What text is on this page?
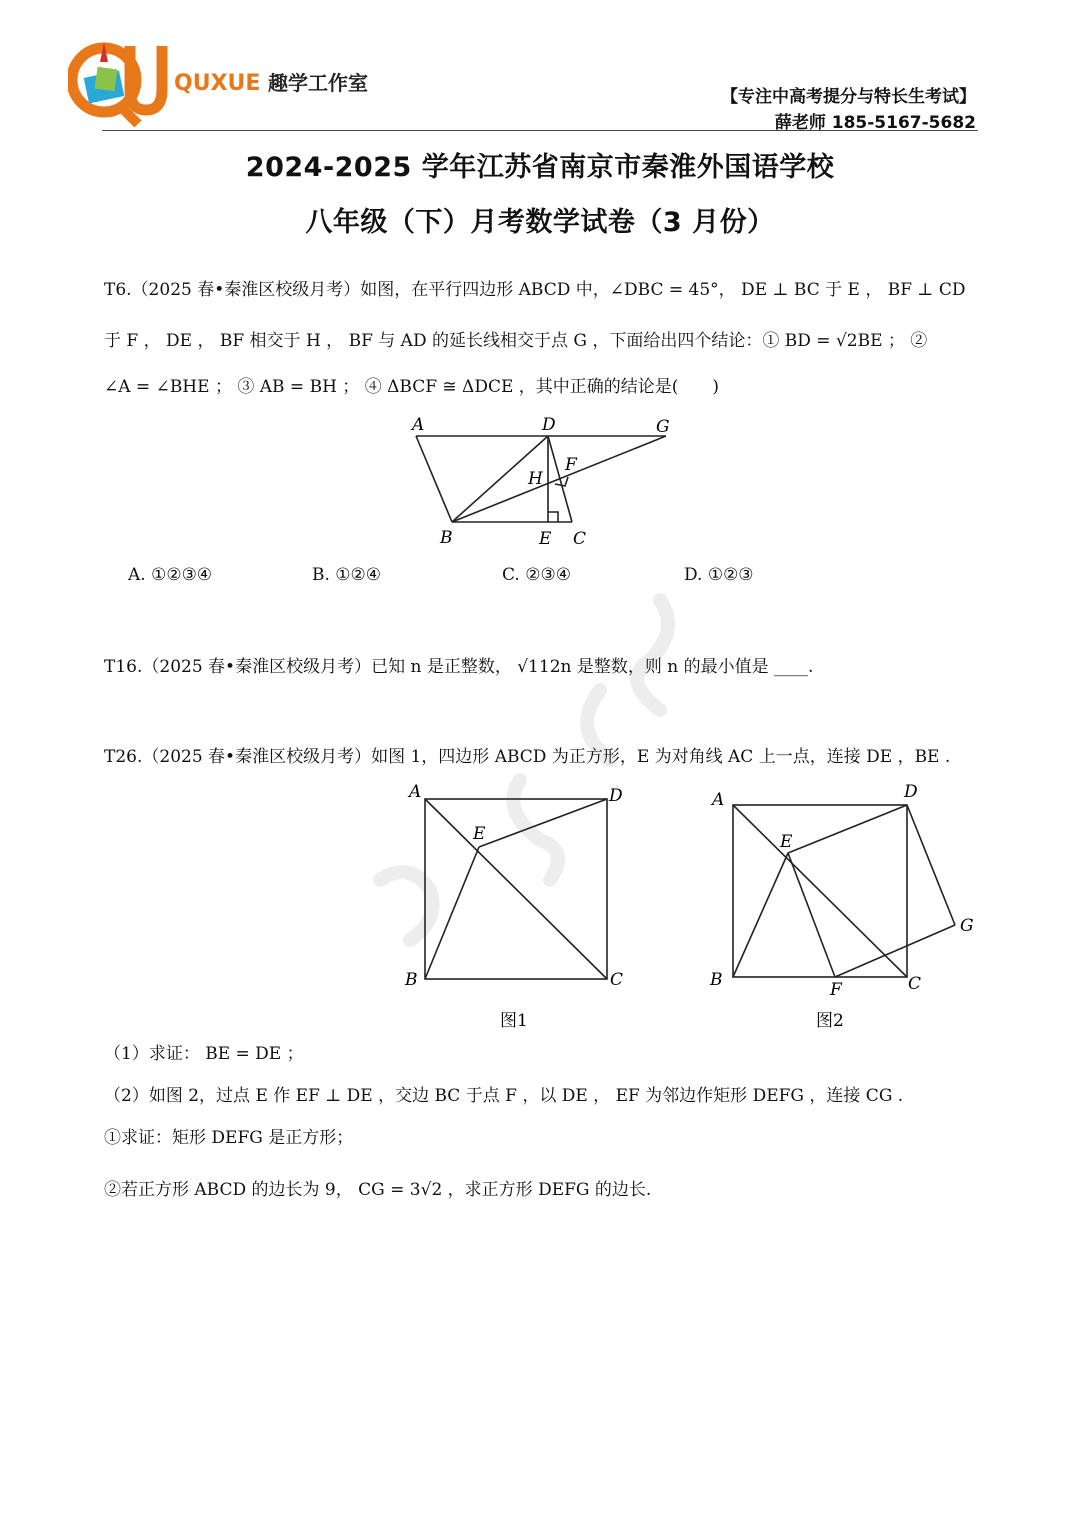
QUXUE 趣学工作室
【专注中高考提分与特长生考试】
薛老师 185-5167-5682
2024-2025 学年江苏省南京市秦淮外国语学校
八年级（下）月考数学试卷（3 月份）
T6.（2025 春•秦淮区校级月考）如图，在平行四边形 ABCD 中，∠DBC = 45°， DE ⊥ BC 于 E ， BF ⊥ CD
于 F ， DE ， BF 相交于 H ， BF 与 AD 的延长线相交于点 G ，下面给出四个结论：① BD = √2BE ； ②
∠A = ∠BHE ； ③ AB = BH ； ④ ΔBCF ≅ ΔDCE ，其中正确的结论是(　　)
A	D	G
H
F
B	E C
A. ①②③④	B. ①②④	C. ②③④	D. ①②③
T16.（2025 春•秦淮区校级月考）已知 n 是正整数， √112n 是整数，则 n 的最小值是 ____.
T26.（2025 春•秦淮区校级月考）如图 1，四边形 ABCD 为正方形，E 为对角线 AC 上一点，连接 DE ，BE .
A	D
E
B	C
图1
A	D
E
G
B	F	C
图2
（1）求证： BE = DE ；
（2）如图 2，过点 E 作 EF ⊥ DE ，交边 BC 于点 F ，以 DE ， EF 为邻边作矩形 DEFG ，连接 CG .
①求证：矩形 DEFG 是正方形；
②若正方形 ABCD 的边长为 9， CG = 3√2 ，求正方形 DEFG 的边长.
